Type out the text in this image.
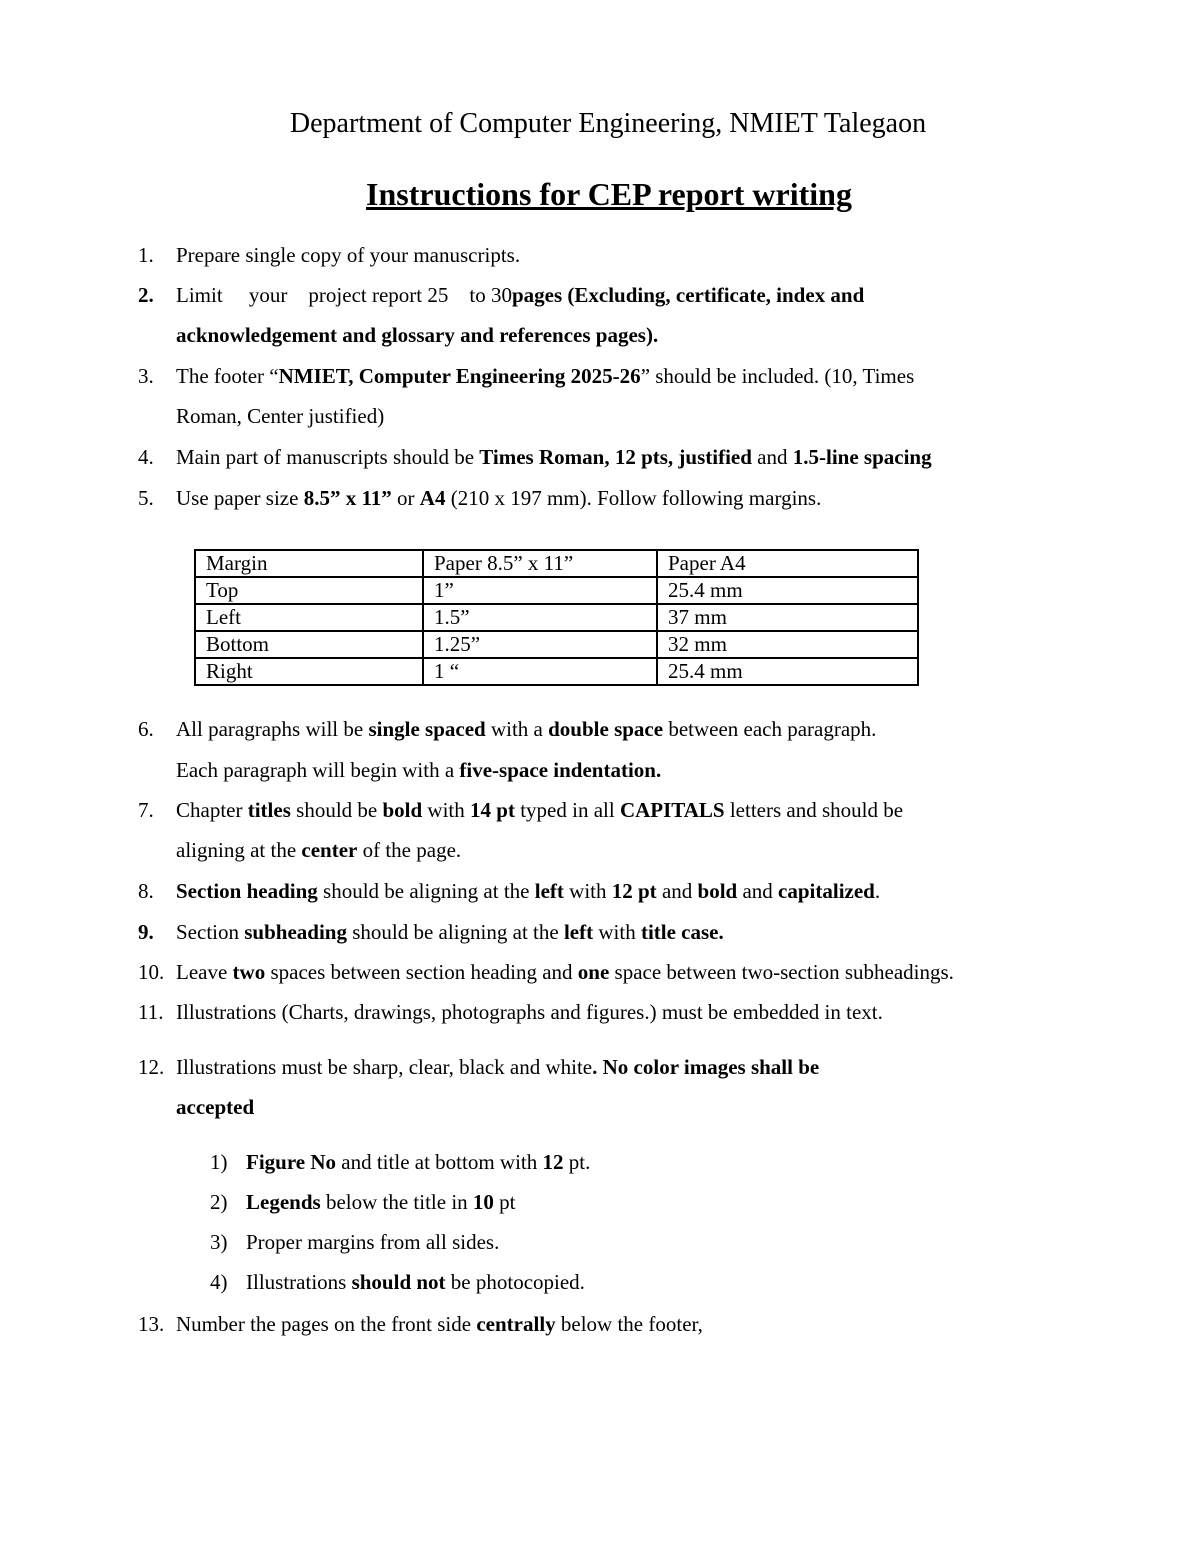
Department of Computer Engineering, NMIET Talegaon
Instructions for CEP report writing
1.	Prepare single copy of your manuscripts.
2.	Limit your project report 25 to 30pages (Excluding, certificate, index and
acknowledgement and glossary and references pages).
3.	The footer “NMIET, Computer Engineering 2025-26” should be included. (10, Times
Roman, Center justified)
4.	Main part of manuscripts should be Times Roman, 12 pts, justified and 1.5-line spacing
5.	Use paper size 8.5” x 11” or A4 (210 x 197 mm). Follow following margins.
Margin	Paper 8.5” x 11”	Paper A4
Top	1”	25.4 mm
Left	1.5”	37 mm
Bottom	1.25”	32 mm
Right	1 “	25.4 mm
6.	All paragraphs will be single spaced with a double space between each paragraph.
Each paragraph will begin with a five-space indentation.
7.	Chapter titles should be bold with 14 pt typed in all CAPITALS letters and should be
aligning at the center of the page.
8.	Section heading should be aligning at the left with 12 pt and bold and capitalized.
9.	Section subheading should be aligning at the left with title case.
10. Leave two spaces between section heading and one space between two-section subheadings.
11. Illustrations (Charts, drawings, photographs and figures.) must be embedded in text.
12. Illustrations must be sharp, clear, black and white. No color images shall be
accepted
1) Figure No and title at bottom with 12 pt.
2) Legends below the title in 10 pt
3) Proper margins from all sides.
4) Illustrations should not be photocopied.
13. Number the pages on the front side centrally below the footer,
